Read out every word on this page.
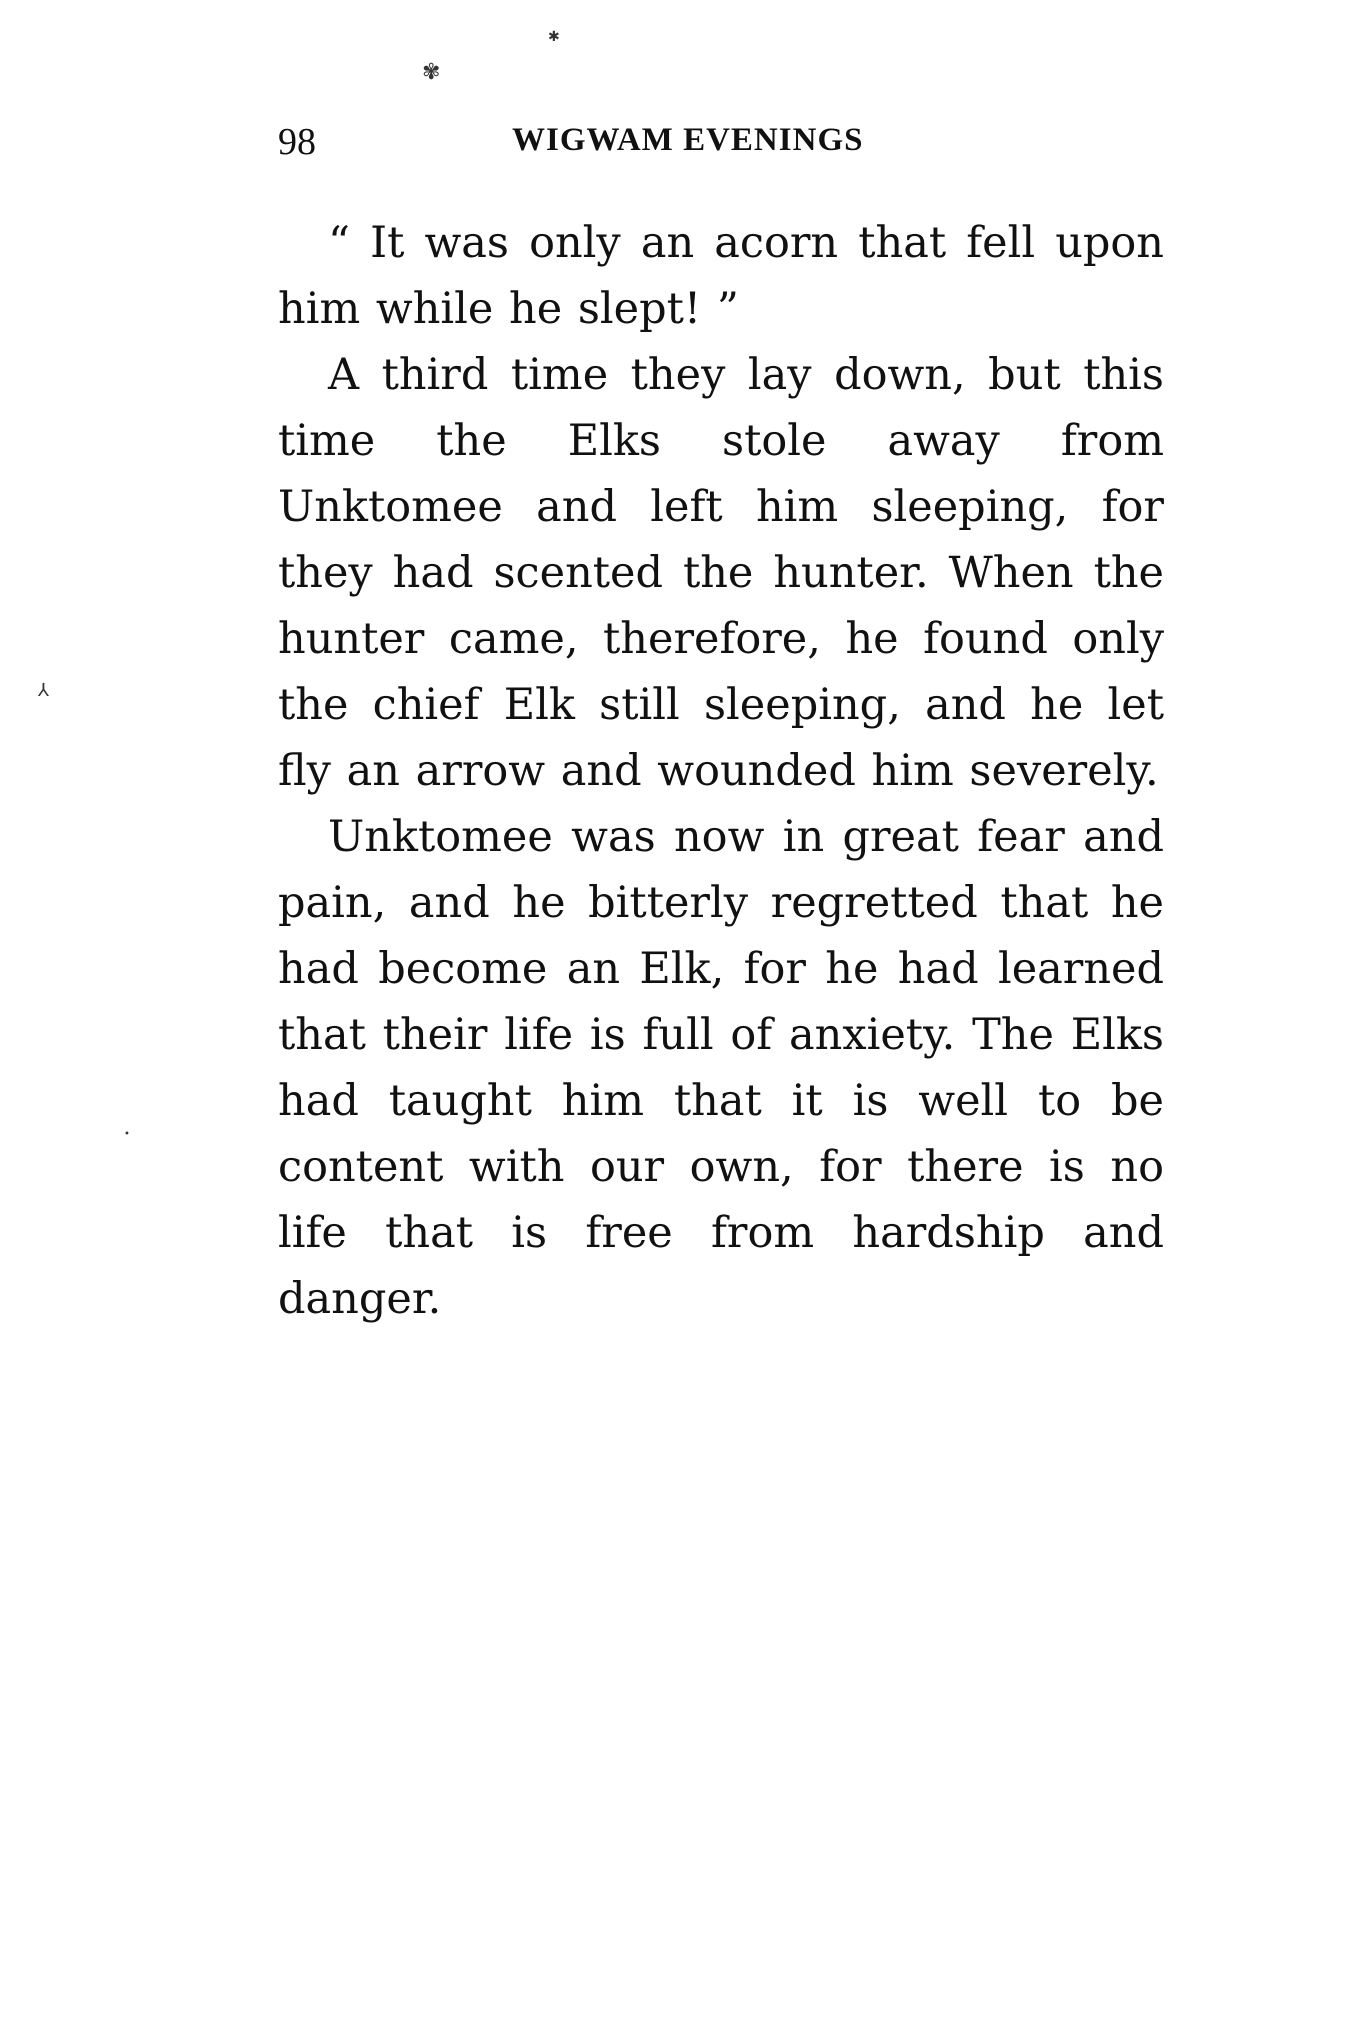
✱
✾
⅄
•
98	WIGWAM EVENINGS

“ It was only an acorn that fell upon him while he slept! ”

A third time they lay down, but this time the Elks stole away from Unktomee and left him sleeping, for they had scented the hunter. When the hunter came, therefore, he found only the chief Elk still sleeping, and he let fly an arrow and wounded him severely.

Unktomee was now in great fear and pain, and he bitterly regretted that he had become an Elk, for he had learned that their life is full of anxiety. The Elks had taught him that it is well to be content with our own, for there is no life that is free from hardship and danger.
